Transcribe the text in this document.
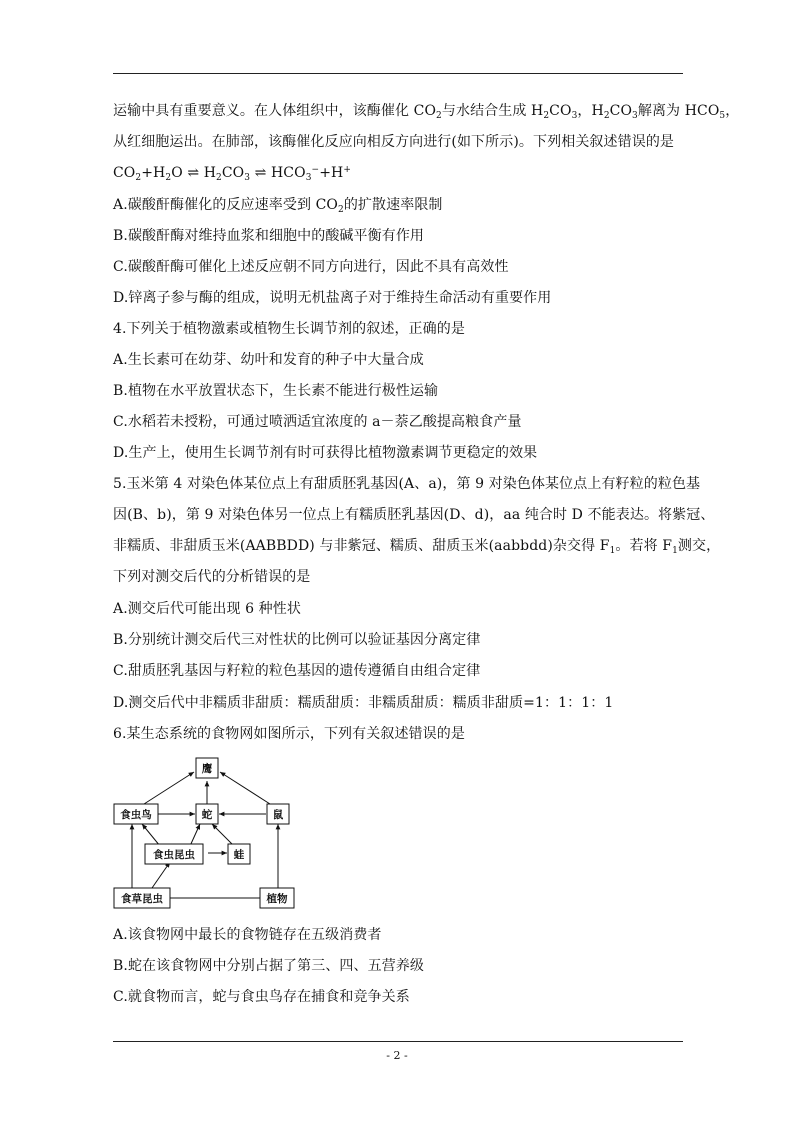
运输中具有重要意义。在人体组织中，该酶催化 $CO_2$与水结合生成 $H_2CO_3$，$H_2CO_3$解离为 $HCO_5$，
从红细胞运出。在肺部，该酶催化反应向相反方向进行(如下所示)。下列相关叙述错误的是
$CO_2+H_2O$ ⇌ $H_2CO_3$ ⇌ $HCO_3^-+H^+$
A.碳酸酐酶催化的反应速率受到 $CO_2$的扩散速率限制
B.碳酸酐酶对维持血浆和细胞中的酸碱平衡有作用
C.碳酸酐酶可催化上述反应朝不同方向进行，因此不具有高效性
D.锌离子参与酶的组成，说明无机盐离子对于维持生命活动有重要作用
4.下列关于植物激素或植物生长调节剂的叙述，正确的是
A.生长素可在幼芽、幼叶和发育的种子中大量合成
B.植物在水平放置状态下，生长素不能进行极性运输
C.水稻若未授粉，可通过喷洒适宜浓度的 a－萘乙酸提高粮食产量
D.生产上，使用生长调节剂有时可获得比植物激素调节更稳定的效果
5.玉米第 4 对染色体某位点上有甜质胚乳基因(A、a)，第 9 对染色体某位点上有籽粒的粒色基
因(B、b)，第 9 对染色体另一位点上有糯质胚乳基因(D、d)，aa 纯合时 D 不能表达。将紫冠、
非糯质、非甜质玉米(AABBDD) 与非紫冠、糯质、甜质玉米(aabbdd)杂交得 $F_1$。若将 $F_1$测交，
下列对测交后代的分析错误的是
A.测交后代可能出现 6 种性状
B.分别统计测交后代三对性状的比例可以验证基因分离定律
C.甜质胚乳基因与籽粒的粒色基因的遗传遵循自由组合定律
D.测交后代中非糯质非甜质：糯质甜质：非糯质甜质：糯质非甜质=1：1：1：1
6.某生态系统的食物网如图所示，下列有关叙述错误的是
鹰
食虫鸟	蛇	鼠
食虫昆虫	蛙
食草昆虫	植物
A.该食物网中最长的食物链存在五级消费者
B.蛇在该食物网中分别占据了第三、四、五营养级
C.就食物而言，蛇与食虫鸟存在捕食和竞争关系
- 2 -
